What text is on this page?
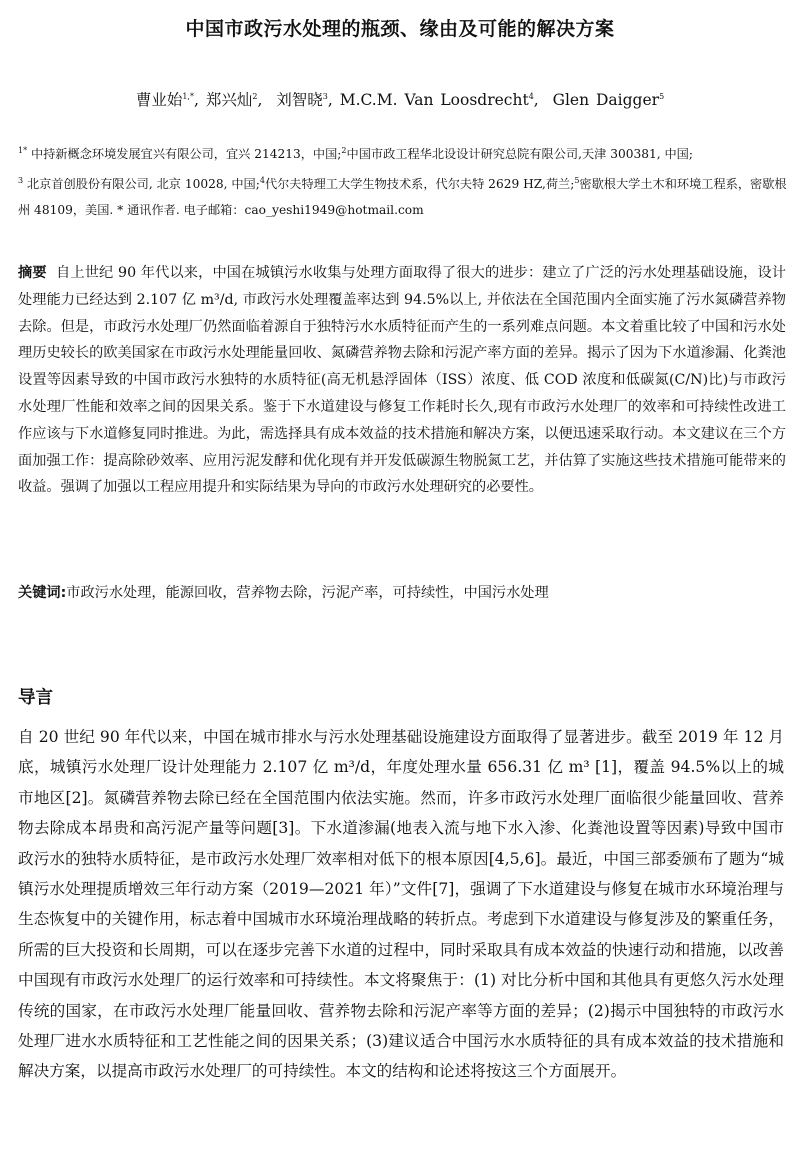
中国市政污水处理的瓶颈、缘由及可能的解决方案
曹业始$^{1,*}$, 郑兴灿$^2$,  刘智晓$^3$, M.C.M. Van Loosdrecht$^4$,  Glen Daigger$^5$
$^{1*}$ 中持新概念环境发展宜兴有限公司，宜兴 214213，中国;$^2$中国市政工程华北设设计研究总院有限公司,天津 300381, 中国;
$^3$ 北京首创股份有限公司, 北京 10028, 中国;$^4$代尔夫特理工大学生物技术系，代尔夫特 2629 HZ,荷兰;$^5$密歇根大学土木和环境工程系，密歇根州 48109，美国. * 通讯作者. 电子邮箱：cao_yeshi1949@hotmail.com
摘要 自上世纪 90 年代以来，中国在城镇污水收集与处理方面取得了很大的进步：建立了广泛的污水处理基础设施，设计处理能力已经达到 2.107 亿 m³/d, 市政污水处理覆盖率达到 94.5%以上, 并依法在全国范围内全面实施了污水氮磷营养物去除。但是，市政污水处理厂仍然面临着源自于独特污水水质特征而产生的一系列难点问题。本文着重比较了中国和污水处理历史较长的欧美国家在市政污水处理能量回收、氮磷营养物去除和污泥产率方面的差异。揭示了因为下水道渗漏、化粪池设置等因素导致的中国市政污水独特的水质特征(高无机悬浮固体（ISS）浓度、低 COD 浓度和低碳氮(C/N)比)与市政污水处理厂性能和效率之间的因果关系。鉴于下水道建设与修复工作耗时长久,现有市政污水处理厂的效率和可持续性改进工作应该与下水道修复同时推进。为此，需选择具有成本效益的技术措施和解决方案，以便迅速采取行动。本文建议在三个方面加强工作：提高除砂效率、应用污泥发酵和优化现有并开发低碳源生物脱氮工艺，并估算了实施这些技术措施可能带来的收益。强调了加强以工程应用提升和实际结果为导向的市政污水处理研究的必要性。
关键词:市政污水处理，能源回收，营养物去除，污泥产率，可持续性，中国污水处理
导言
自 20 世纪 90 年代以来，中国在城市排水与污水处理基础设施建设方面取得了显著进步。截至 2019 年 12 月底，城镇污水处理厂设计处理能力 2.107 亿 m³/d，年度处理水量 656.31 亿 m³ [1]，覆盖 94.5%以上的城市地区[2]。氮磷营养物去除已经在全国范围内依法实施。然而，许多市政污水处理厂面临很少能量回收、营养物去除成本昂贵和高污泥产量等问题[3]。下水道渗漏(地表入流与地下水入渗、化粪池设置等因素)导致中国市政污水的独特水质特征，是市政污水处理厂效率相对低下的根本原因[4,5,6]。最近，中国三部委颁布了题为“城镇污水处理提质增效三年行动方案（2019—2021 年）”文件[7]，强调了下水道建设与修复在城市水环境治理与生态恢复中的关键作用，标志着中国城市水环境治理战略的转折点。考虑到下水道建设与修复涉及的繁重任务，所需的巨大投资和长周期，可以在逐步完善下水道的过程中，同时采取具有成本效益的快速行动和措施，以改善中国现有市政污水处理厂的运行效率和可持续性。本文将聚焦于：(1) 对比分析中国和其他具有更悠久污水处理传统的国家，在市政污水处理厂能量回收、营养物去除和污泥产率等方面的差异；(2)揭示中国独特的市政污水处理厂进水水质特征和工艺性能之间的因果关系；(3)建议适合中国污水水质特征的具有成本效益的技术措施和解决方案，以提高市政污水处理厂的可持续性。本文的结构和论述将按这三个方面展开。
